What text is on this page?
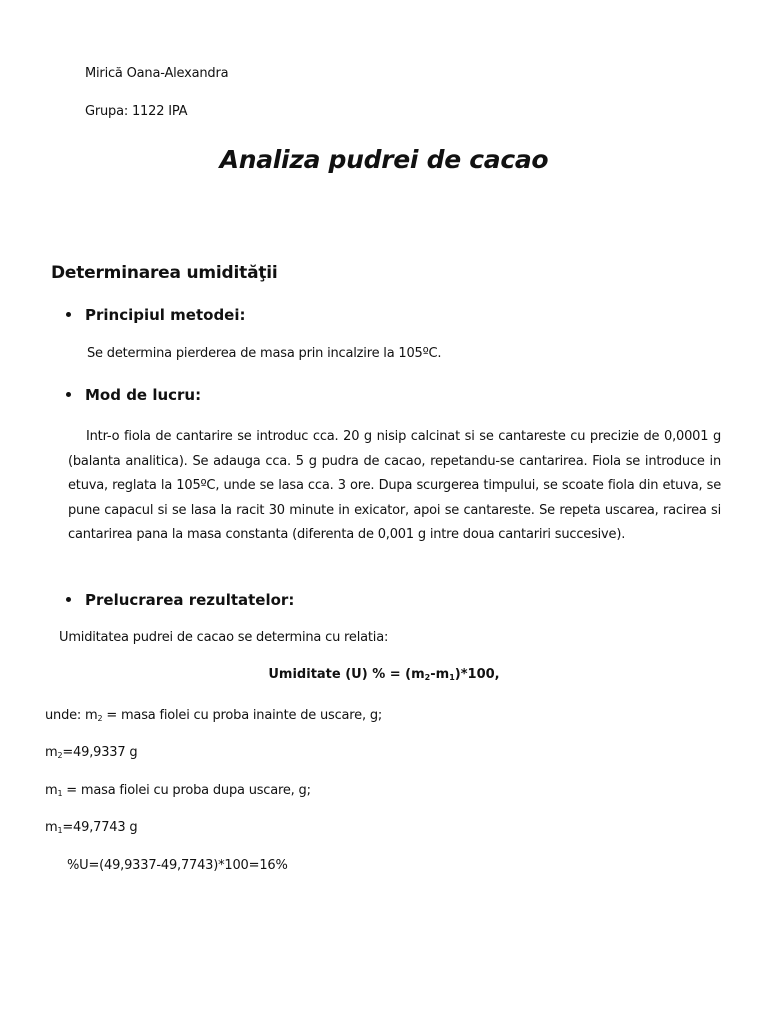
Mirică Oana-Alexandra
Grupa: 1122 IPA
Analiza pudrei de cacao
Determinarea umidităţii
Principiul metodei:
Se determina pierderea de masa prin incalzire la 105ºC.
Mod de lucru:
Intr-o fiola de cantarire se introduc cca. 20 g nisip calcinat si se cantareste cu precizie de 0,0001 g (balanta analitica). Se adauga cca. 5 g pudra de cacao, repetandu-se cantarirea. Fiola se introduce in etuva, reglata la 105ºC, unde se lasa cca. 3 ore. Dupa scurgerea timpului, se scoate fiola din etuva, se pune capacul si se lasa la racit 30 minute in exicator, apoi se cantareste. Se repeta uscarea, racirea si cantarirea pana la masa constanta (diferenta de 0,001 g intre doua cantariri succesive).
Prelucrarea rezultatelor:
Umiditatea pudrei de cacao se determina cu relatia:
Umiditate (U) % = $(m_2-m_1)*100$,
unde: $m_2$ = masa fiolei cu proba inainte de uscare, g;
$m_2=49,9337$ g
$m_1$ = masa fiolei cu proba dupa uscare, g;
$m_1=49,7743$ g
%U=(49,9337-49,7743)*100=16%
